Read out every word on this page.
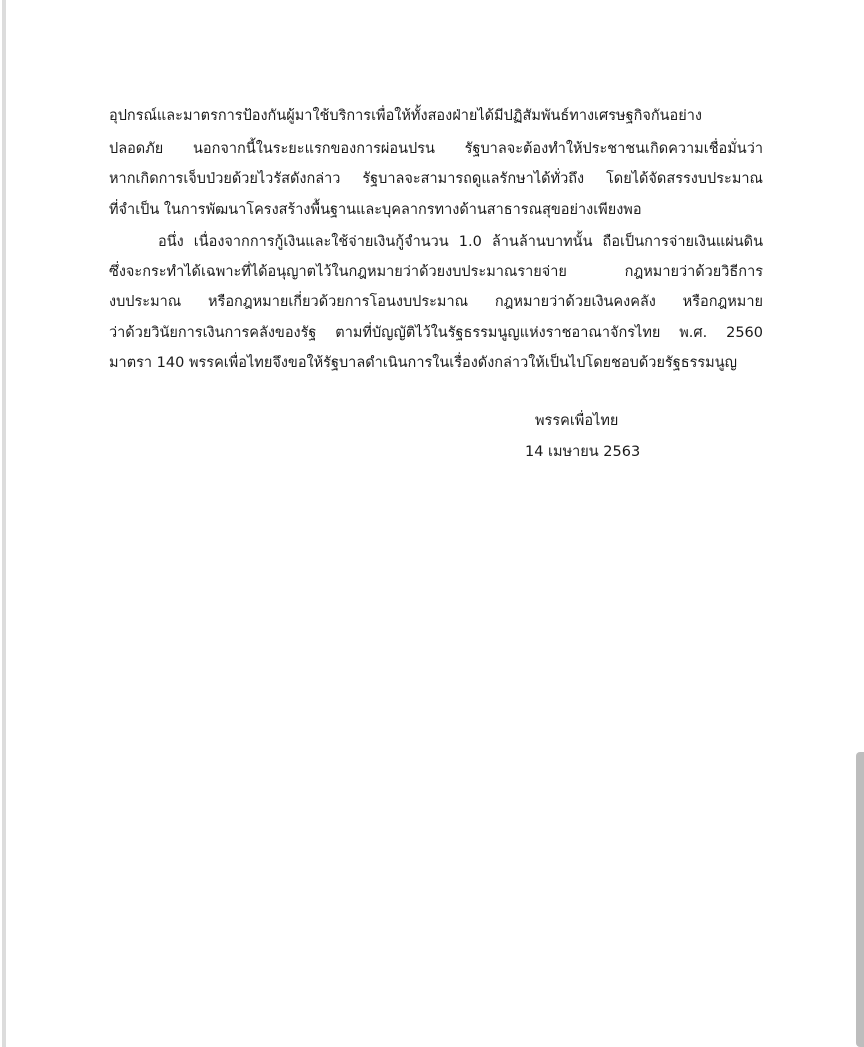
อุปกรณ์และมาตรการป้องกันผู้มาใช้บริการเพื่อให้ทั้งสองฝ่ายได้มีปฏิสัมพันธ์ทางเศรษฐกิจกันอย่าง
ปลอดภัย นอกจากนี้ในระยะแรกของการผ่อนปรน รัฐบาลจะต้องทำให้ประชาชนเกิดความเชื่อมั่นว่า
หากเกิดการเจ็บป่วยด้วยไวรัสดังกล่าว รัฐบาลจะสามารถดูแลรักษาได้ทั่วถึง โดยได้จัดสรรงบประมาณ
ที่จำเป็น ในการพัฒนาโครงสร้างพื้นฐานและบุคลากรทางด้านสาธารณสุขอย่างเพียงพอ
อนึ่ง เนื่องจากการกู้เงินและใช้จ่ายเงินกู้จำนวน 1.0 ล้านล้านบาทนั้น ถือเป็นการจ่ายเงินแผ่นดิน
ซึ่งจะกระทำได้เฉพาะที่ได้อนุญาตไว้ในกฎหมายว่าด้วยงบประมาณรายจ่าย กฎหมายว่าด้วยวิธีการ
งบประมาณ หรือกฎหมายเกี่ยวด้วยการโอนงบประมาณ กฎหมายว่าด้วยเงินคงคลัง หรือกฎหมาย
ว่าด้วยวินัยการเงินการคลังของรัฐ ตามที่บัญญัติไว้ในรัฐธรรมนูญแห่งราชอาณาจักรไทย พ.ศ. 2560
มาตรา 140 พรรคเพื่อไทยจึงขอให้รัฐบาลดำเนินการในเรื่องดังกล่าวให้เป็นไปโดยชอบด้วยรัฐธรรมนูญ
พรรคเพื่อไทย
14 เมษายน 2563
